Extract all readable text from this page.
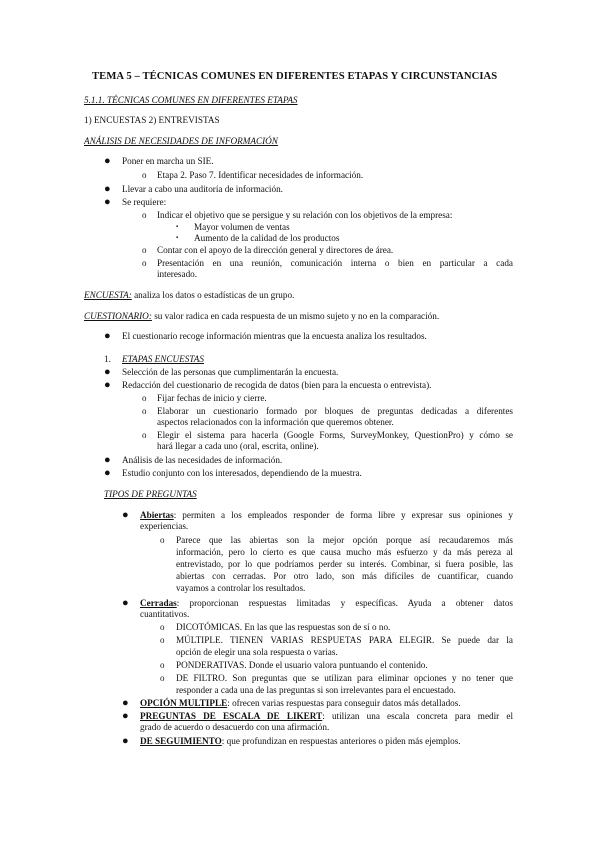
TEMA 5 – TÉCNICAS COMUNES EN DIFERENTES ETAPAS Y CIRCUNSTANCIAS
5.1.1. TÉCNICAS COMUNES EN DIFERENTES ETAPAS
1) ENCUESTAS 2) ENTREVISTAS
ANÁLISIS DE NECESIDADES DE INFORMACIÓN
● Poner en marcha un SIE.
o Etapa 2. Paso 7. Identificar necesidades de información.
● Llevar a cabo una auditoría de información.
● Se requiere:
o Indicar el objetivo que se persigue y su relación con los objetivos de la empresa:
▪ Mayor volumen de ventas
▪ Aumento de la calidad de los productos
o Contar con el apoyo de la dirección general y directores de área.
o Presentación en una reunión, comunicación interna o bien en particular a cada
interesado.
ENCUESTA: analiza los datos o estadísticas de un grupo.
CUESTIONARIO: su valor radica en cada respuesta de un mismo sujeto y no en la comparación.
● El cuestionario recoge información mientras que la encuesta analiza los resultados.
1. ETAPAS ENCUESTAS
● Selección de las personas que cumplimentarán la encuesta.
● Redacción del cuestionario de recogida de datos (bien para la encuesta o entrevista).
o Fijar fechas de inicio y cierre.
o Elaborar un cuestionario formado por bloques de preguntas dedicadas a diferentes
aspectos relacionados con la información que queremos obtener.
o Elegir el sistema para hacerla (Google Forms, SurveyMonkey, QuestionPro) y cómo se
hará llegar a cada uno (oral, escrita, online).
● Análisis de las necesidades de información.
● Estudio conjunto con los interesados, dependiendo de la muestra.
TIPOS DE PREGUNTAS
● Abiertas: permiten a los empleados responder de forma libre y expresar sus opiniones y
experiencias.
o Parece que las abiertas son la mejor opción porque así recaudaremos más
información, pero lo cierto es que causa mucho más esfuerzo y da más pereza al
entrevistado, por lo que podríamos perder su interés. Combinar, si fuera posible, las
abiertas con cerradas. Por otro lado, son más difíciles de cuantificar, cuando
vayamos a controlar los resultados.
● Cerradas: proporcionan respuestas limitadas y específicas. Ayuda a obtener datos
cuantitativos.
o DICOTÓMICAS. En las que las respuestas son de sí o no.
o MÚLTIPLE. TIENEN VARIAS RESPUETAS PARA ELEGIR. Se puede dar la
opción de elegir una sola respuesta o varias.
o PONDERATIVAS. Donde el usuario valora puntuando el contenido.
o DE FILTRO. Son preguntas que se utilizan para eliminar opciones y no tener que
responder a cada una de las preguntas si son irrelevantes para el encuestado.
● OPCIÓN MULTIPLE: ofrecen varias respuestas para conseguir datos más detallados.
● PREGUNTAS DE ESCALA DE LIKERT: utilizan una escala concreta para medir el
grado de acuerdo o desacuerdo con una afirmación.
● DE SEGUIMIENTO: que profundizan en respuestas anteriores o piden más ejemplos.
